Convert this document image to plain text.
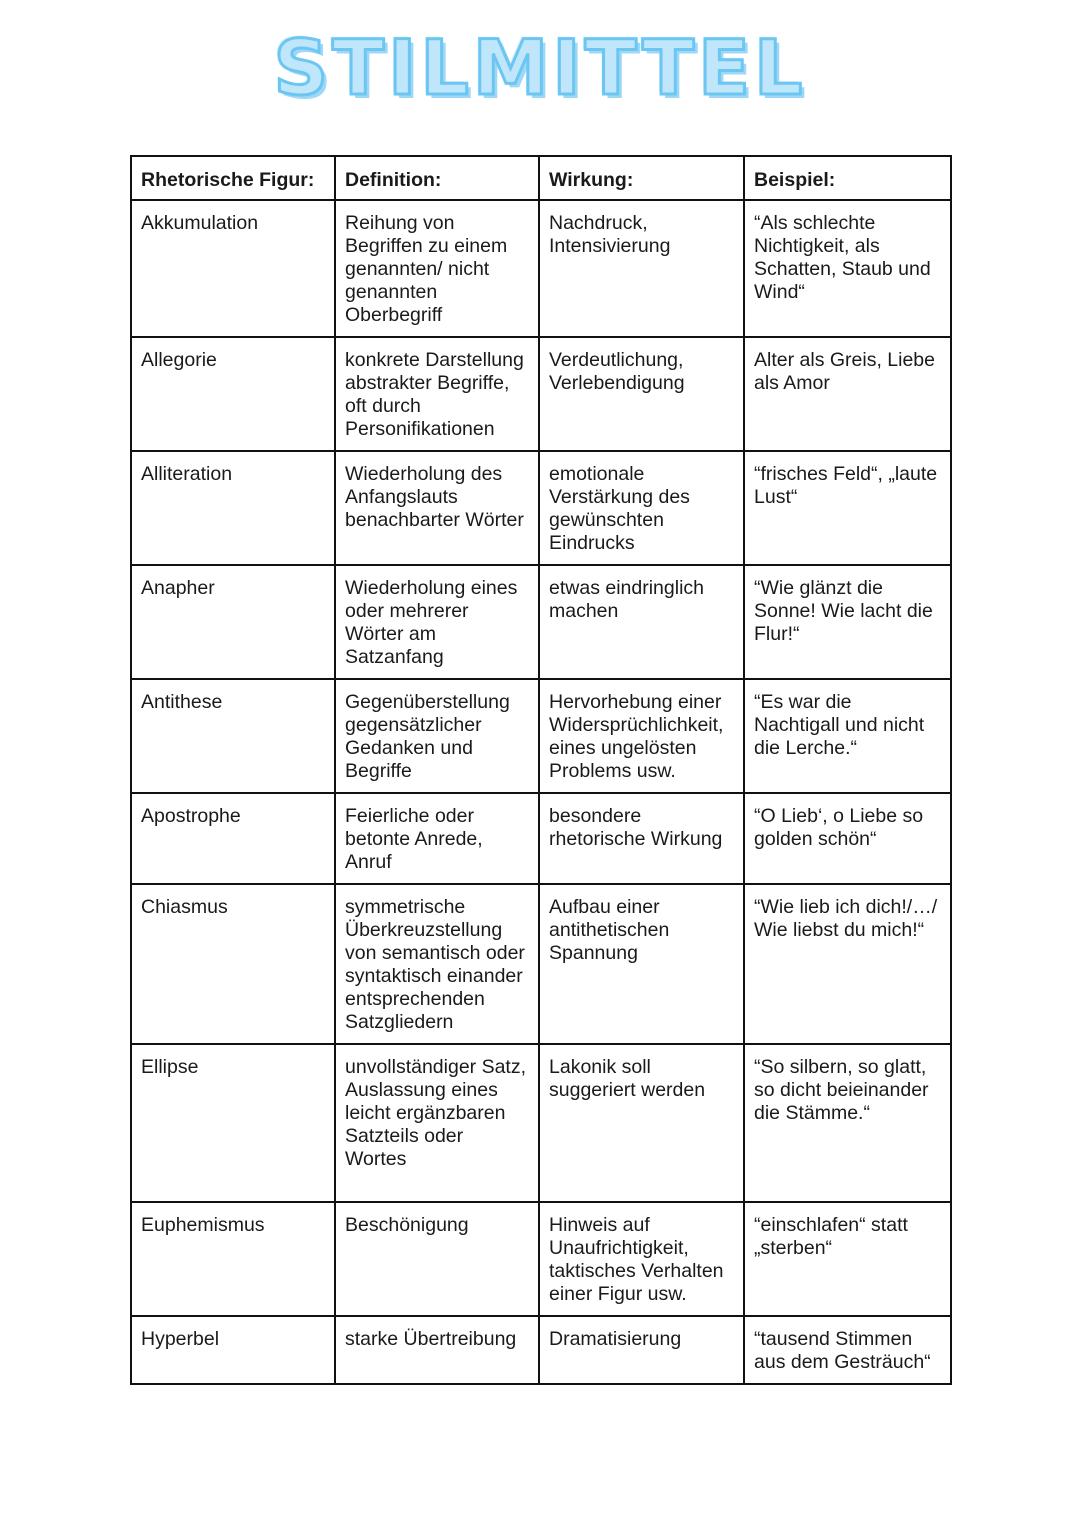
STILMITTEL
Rhetorische Figur:	Definition:	Wirkung:	Beispiel:
Akkumulation	Reihung von Begriffen zu einem genannten/ nicht genannten Oberbegriff	Nachdruck, Intensivierung	“Als schlechte Nichtigkeit, als Schatten, Staub und Wind“
Allegorie	konkrete Darstellung abstrakter Begriffe, oft durch Personifikationen	Verdeutlichung, Verlebendigung	Alter als Greis, Liebe als Amor
Alliteration	Wiederholung des Anfangslauts benachbarter Wörter	emotionale Verstärkung des gewünschten Eindrucks	“frisches Feld“, „laute Lust“
Anapher	Wiederholung eines oder mehrerer Wörter am Satzanfang	etwas eindringlich machen	“Wie glänzt die Sonne! Wie lacht die Flur!“
Antithese	Gegenüberstellung gegensätzlicher Gedanken und Begriffe	Hervorhebung einer Widersprüchlichkeit, eines ungelösten Problems usw.	“Es war die Nachtigall und nicht die Lerche.“
Apostrophe	Feierliche oder betonte Anrede, Anruf	besondere rhetorische Wirkung	“O Lieb‘, o Liebe so golden schön“
Chiasmus	symmetrische Überkreuzstellung von semantisch oder syntaktisch einander entsprechenden Satzgliedern	Aufbau einer antithetischen Spannung	“Wie lieb ich dich!/…/ Wie liebst du mich!“
Ellipse	unvollständiger Satz, Auslassung eines leicht ergänzbaren Satzteils oder Wortes	Lakonik soll suggeriert werden	“So silbern, so glatt, so dicht beieinander die Stämme.“
Euphemismus	Beschönigung	Hinweis auf Unaufrichtigkeit, taktisches Verhalten einer Figur usw.	“einschlafen“ statt „sterben“
Hyperbel	starke Übertreibung	Dramatisierung	“tausend Stimmen aus dem Gesträuch“
